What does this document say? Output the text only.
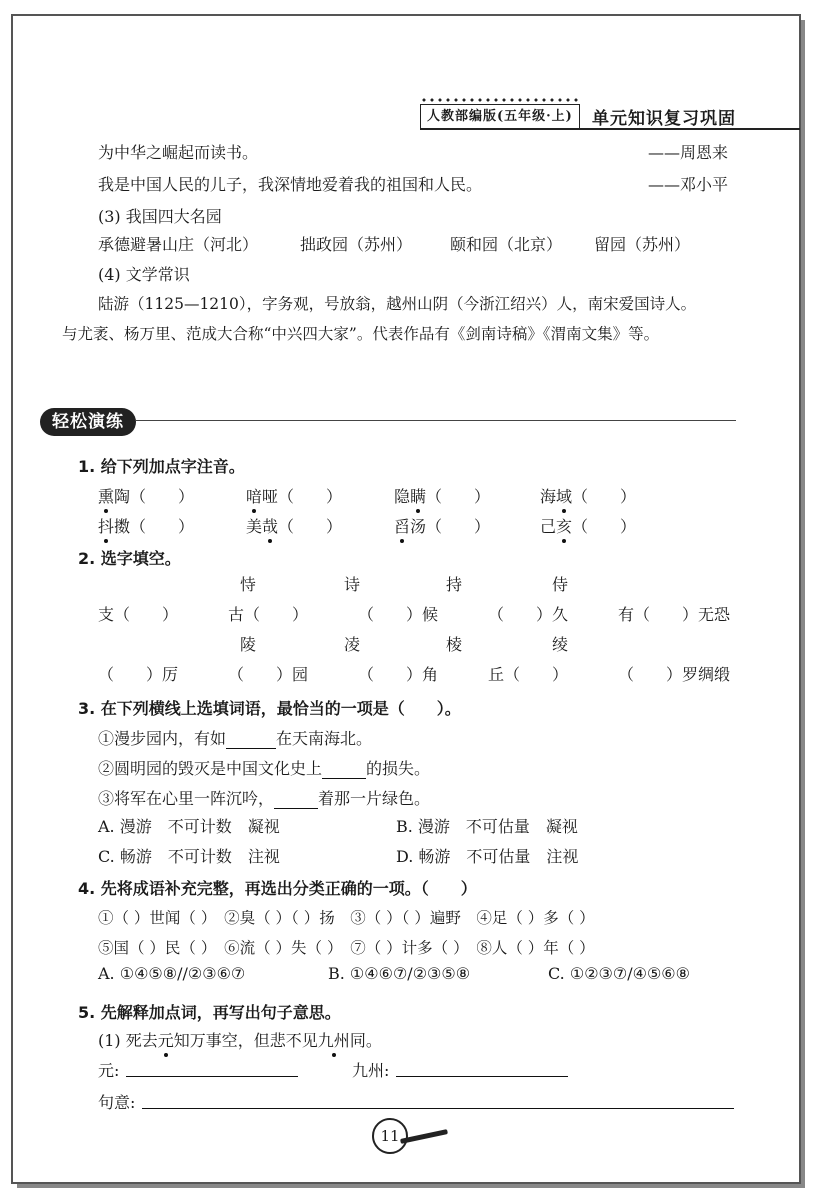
人教部编版(五年级·上)	单元知识复习巩固
为中华之崛起而读书。	——周恩来
我是中国人民的儿子，我深情地爱着我的祖国和人民。	——邓小平
(3) 我国四大名园
承德避暑山庄（河北）	拙政园（苏州） 颐和园（北京） 留园（苏州）
(4) 文学常识
陆游（1125—1210），字务观，号放翁，越州山阴（今浙江绍兴）人，南宋爱国诗人。
与尤袤、杨万里、范成大合称“中兴四大家”。代表作品有《剑南诗稿》《渭南文集》等。
轻松演练
1. 给下列加点字注音。
熏陶（　　）	喑哑（　　）	隐瞒（　　）	海域（　　）
抖擞（　　）	美哉（　　）	舀汤（　　）	己亥（　　）
2. 选字填空。
恃	诗	持	侍
支（　　）	古（　　）	（　　）候	（　　）久	有（　　）无恐
陵	凌	棱	绫
（　　）厉	（　　）园	（　　）角	丘（　　）	（　　）罗绸缎
3. 在下列横线上选填词语，最恰当的一项是（　　）。
①漫步园内，有如	在天南海北。
②圆明园的毁灭是中国文化史上	的损失。
③将军在心里一阵沉吟，	着那一片绿色。
A. 漫游　不可计数　凝视	B. 漫游　不可估量　凝视
C. 畅游　不可计数　注视	D. 畅游　不可估量　注视
4. 先将成语补充完整，再选出分类正确的一项。（　　）
①（ ）世闻（ ）　②臭（ ）（ ）扬　③（ ）（ ）遍野　④足（ ）多（ ）
⑤国（ ）民（ ）　⑥流（ ）失（ ）　⑦（ ）计多（ ）　⑧人（ ）年（ ）
A. ①④⑤⑧//②③⑥⑦	B. ①④⑥⑦/②③⑤⑧	C. ①②③⑦/④⑤⑥⑧
5. 先解释加点词，再写出句子意思。
(1) 死去元知万事空，但悲不见九州同。
元:	九州:
句意:
11
